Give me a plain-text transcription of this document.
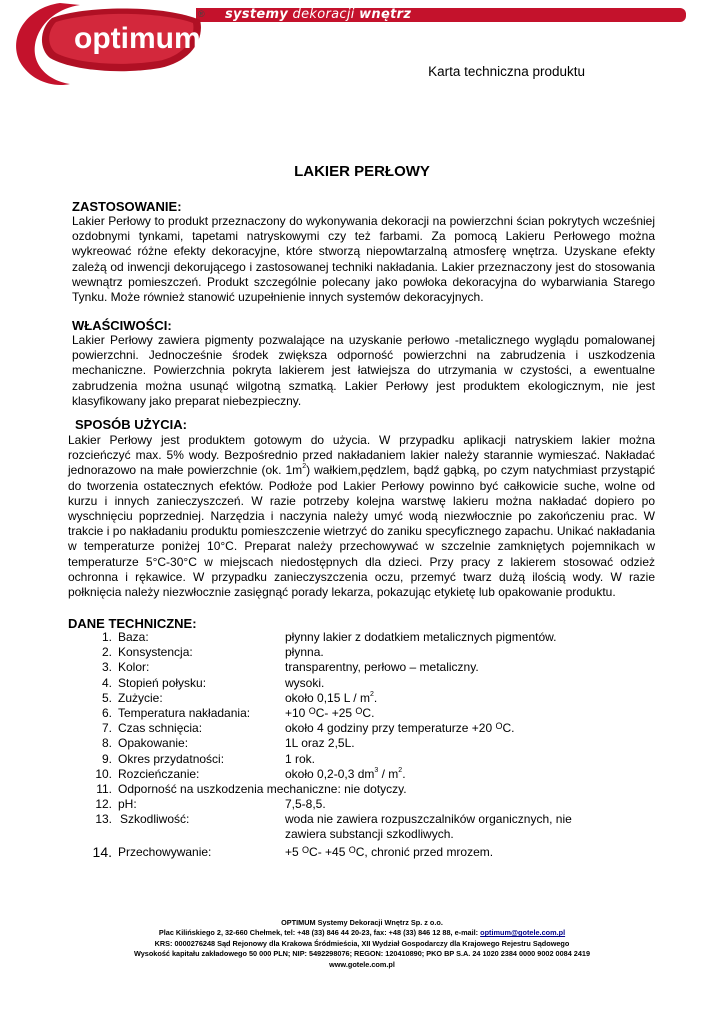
systemy dekoracji wnętrz
optimum
®
Karta techniczna produktu
LAKIER PERŁOWY
ZASTOSOWANIE:
Lakier Perłowy to produkt przeznaczony do wykonywania dekoracji na powierzchni ścian pokrytych wcześniej ozdobnymi tynkami, tapetami natryskowymi czy też farbami. Za pomocą Lakieru Perłowego można wykreować różne efekty dekoracyjne, które stworzą niepowtarzalną atmosferę wnętrza. Uzyskane efekty zależą od inwencji dekorującego i zastosowanej techniki nakładania. Lakier przeznaczony jest do stosowania wewnątrz pomieszczeń. Produkt szczególnie polecany jako powłoka dekoracyjna do wybarwiania Starego Tynku. Może również stanowić uzupełnienie innych systemów dekoracyjnych.
WŁAŚCIWOŚCI:
Lakier Perłowy zawiera pigmenty pozwalające na uzyskanie perłowo -metalicznego wyglądu pomalowanej powierzchni. Jednocześnie środek zwiększa odporność powierzchni na zabrudzenia i uszkodzenia mechaniczne. Powierzchnia pokryta lakierem jest łatwiejsza do utrzymania w czystości, a ewentualne zabrudzenia można usunąć wilgotną szmatką. Lakier Perłowy jest produktem ekologicznym, nie jest klasyfikowany jako preparat niebezpieczny.
SPOSÓB UŻYCIA:
Lakier Perłowy jest produktem gotowym do użycia. W przypadku aplikacji natryskiem lakier można rozcieńczyć max. 5% wody. Bezpośrednio przed nakładaniem lakier należy starannie wymieszać. Nakładać jednorazowo na małe powierzchnie (ok. $1m^2$) wałkiem,pędzlem, bądź gąbką, po czym natychmiast przystąpić do tworzenia ostatecznych efektów. Podłoże pod Lakier Perłowy powinno być całkowicie suche, wolne od kurzu i innych zanieczyszczeń. W razie potrzeby kolejna warstwę lakieru można nakładać dopiero po wyschnięciu poprzedniej. Narzędzia i naczynia należy umyć wodą niezwłocznie po zakończeniu prac. W trakcie i po nakładaniu produktu pomieszczenie wietrzyć do zaniku specyficznego zapachu. Unikać nakładania w temperaturze poniżej 10°C. Preparat należy przechowywać w szczelnie zamkniętych pojemnikach w temperaturze 5°C-30°C w miejscach niedostępnych dla dzieci. Przy pracy z lakierem stosować odzież ochronna i rękawice. W przypadku zanieczyszczenia oczu, przemyć twarz dużą ilością wody. W razie połknięcia należy niezwłocznie zasięgnąć porady lekarza, pokazując etykietę lub opakowanie produktu.
DANE TECHNICZNE:
1. Baza:	płynny lakier z dodatkiem metalicznych pigmentów.
2. Konsystencja:	płynna.
3. Kolor:	transparentny, perłowo – metaliczny.
4. Stopień połysku:	wysoki.
5. Zużycie:	około 0,15 L / $m^2$.
6. Temperatura nakładania:	+10 $^O$C- +25 $^O$C.
7. Czas schnięcia:	około 4 godziny przy temperaturze +20 $^O$C.
8. Opakowanie:	1L oraz 2,5L.
9. Okres przydatności:	1 rok.
10. Rozcieńczanie:	około 0,2-0,3 $dm^3 / m^2$.
11. Odporność na uszkodzenia mechaniczne: nie dotyczy.
12. pH:	7,5-8,5.
13. Szkodliwość:	woda nie zawiera rozpuszczalników organicznych, nie zawiera substancji szkodliwych.
14. Przechowywanie:	+5 $^O$C- +45 $^O$C, chronić przed mrozem.
OPTIMUM Systemy Dekoracji Wnętrz Sp. z o.o.
Plac Kilińskiego 2, 32-660 Chełmek, tel: +48 (33) 846 44 20-23, fax: +48 (33) 846 12 88, e-mail: optimum@gotele.com.pl
KRS: 0000276248 Sąd Rejonowy dla Krakowa Śródmieścia, XII Wydział Gospodarczy dla Krajowego Rejestru Sądowego
Wysokość kapitału zakładowego 50 000 PLN; NIP: 5492298076; REGON: 120410890; PKO BP S.A. 24 1020 2384 0000 9002 0084 2419
www.gotele.com.pl
